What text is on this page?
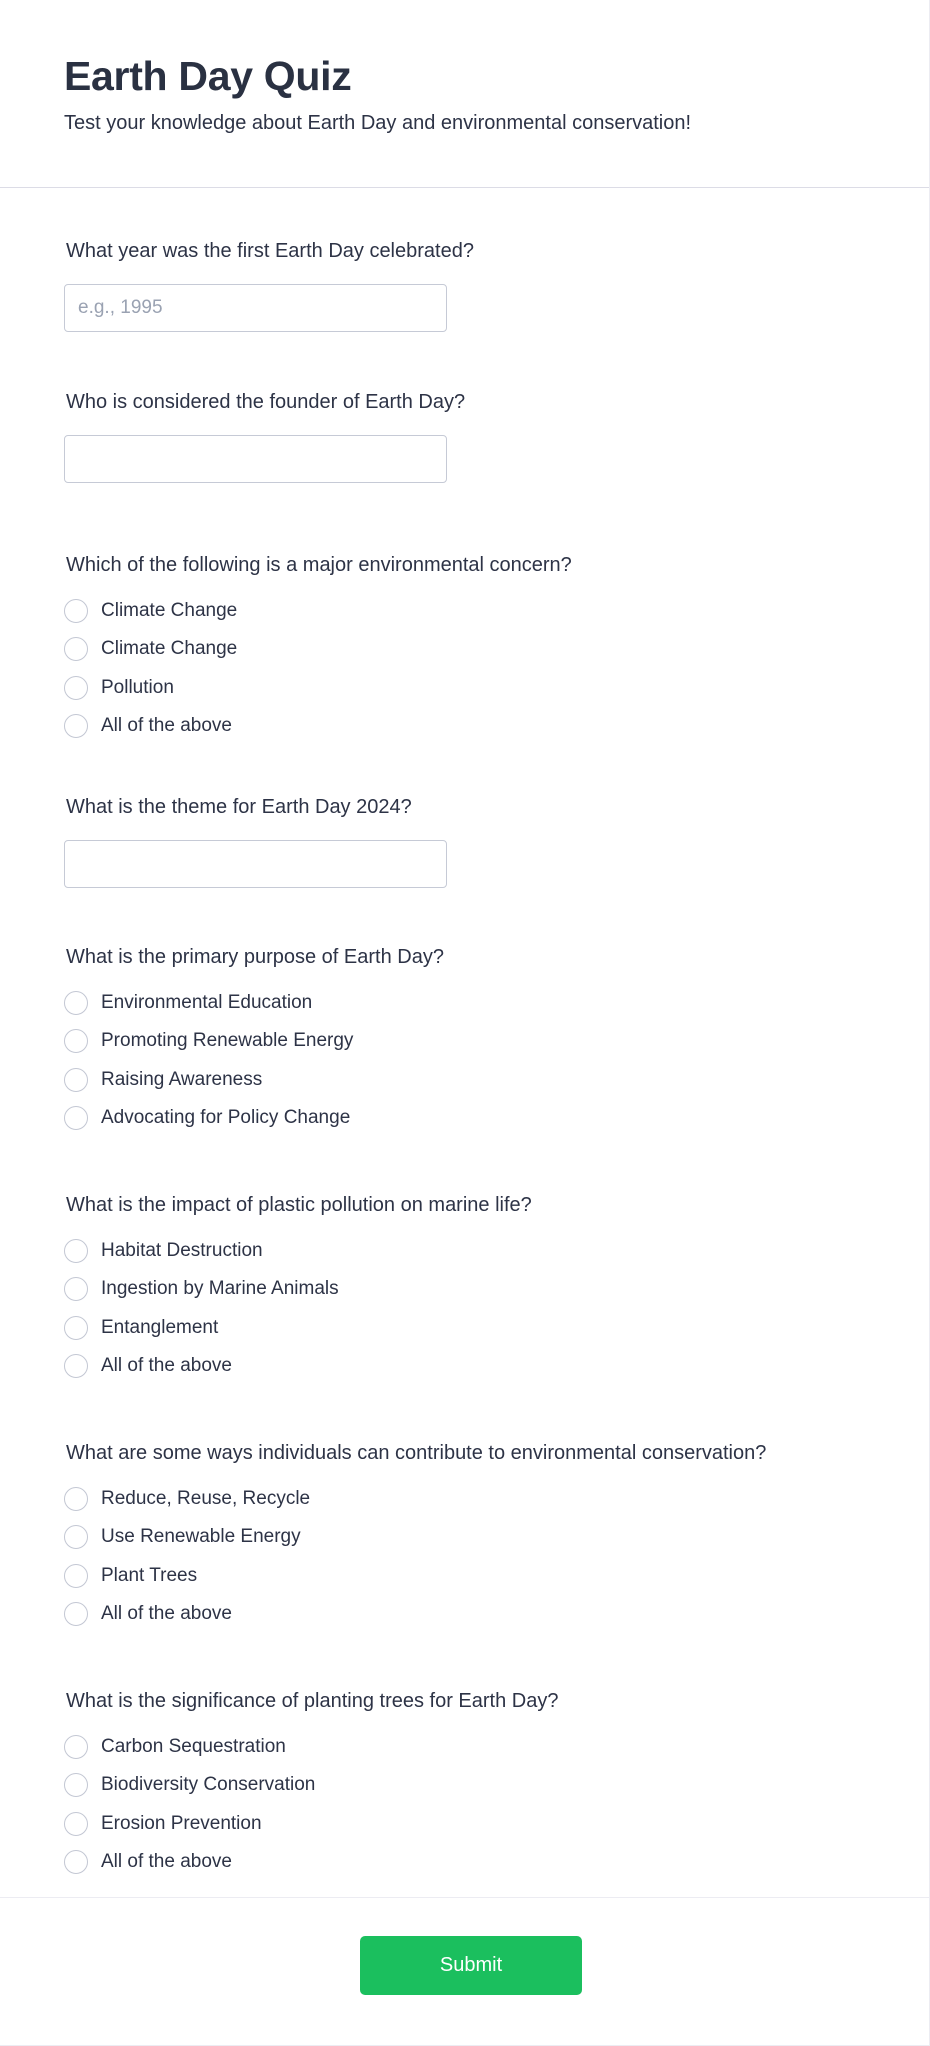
Earth Day Quiz

Test your knowledge about Earth Day and environmental conservation!

What year was the first Earth Day celebrated?
e.g., 1995
Who is considered the founder of Earth Day?
Which of the following is a major environmental concern?
Climate Change
Climate Change
Pollution
All of the above
What is the theme for Earth Day 2024?
What is the primary purpose of Earth Day?
Environmental Education
Promoting Renewable Energy
Raising Awareness
Advocating for Policy Change
What is the impact of plastic pollution on marine life?
Habitat Destruction
Ingestion by Marine Animals
Entanglement
All of the above
What are some ways individuals can contribute to environmental conservation?
Reduce, Reuse, Recycle
Use Renewable Energy
Plant Trees
All of the above
What is the significance of planting trees for Earth Day?
Carbon Sequestration
Biodiversity Conservation
Erosion Prevention
All of the above
Submit
